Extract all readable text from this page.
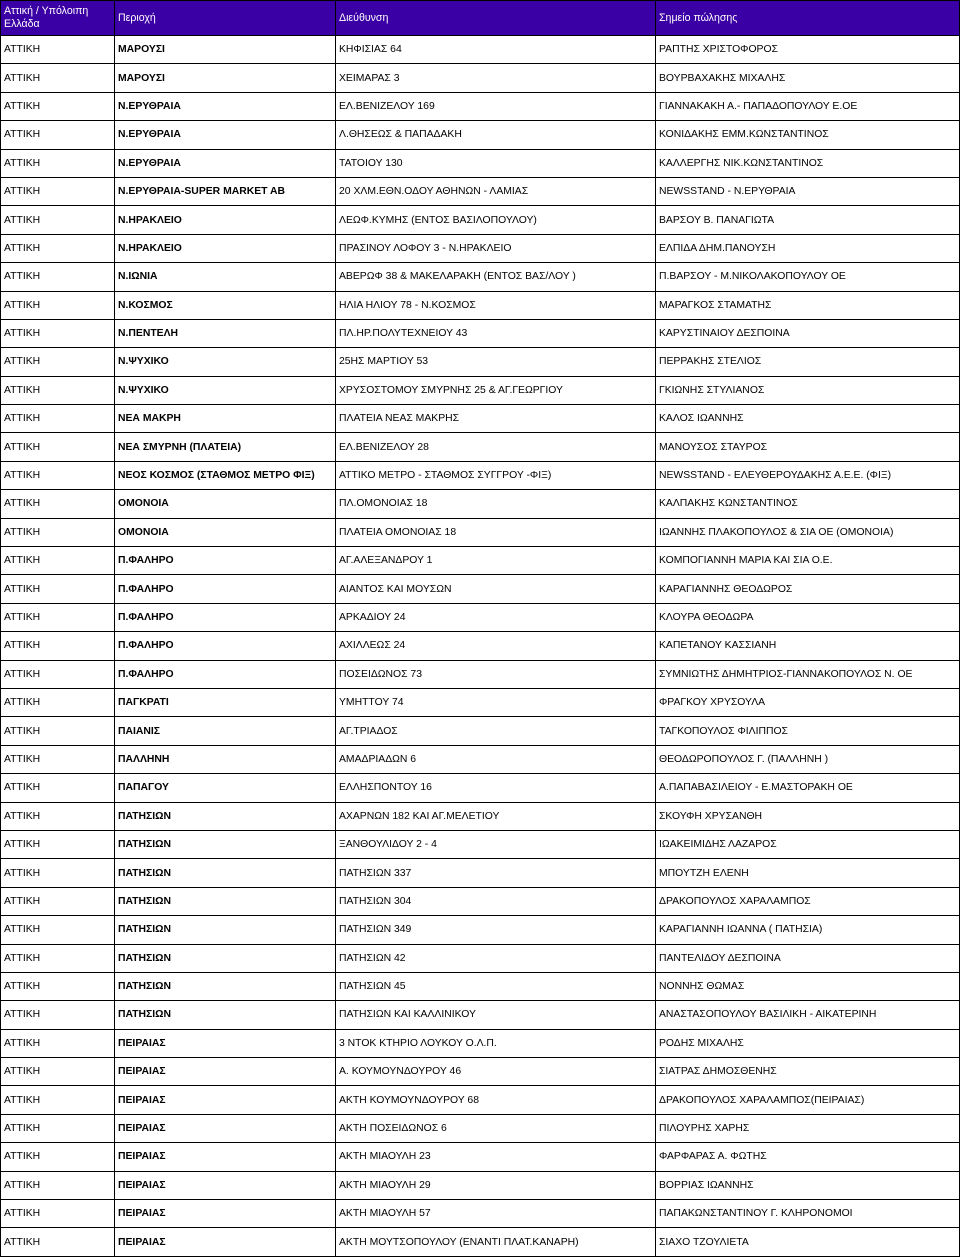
Αττική / Υπόλοιπη Ελλάδα	Περιοχή	Διεύθυνση	Σημείο πώλησης
ΑΤΤΙΚΗ	ΜΑΡΟΥΣΙ	ΚΗΦΙΣΙΑΣ 64	ΡΑΠΤΗΣ ΧΡΙΣΤΟΦΟΡΟΣ
ΑΤΤΙΚΗ	ΜΑΡΟΥΣΙ	ΧΕΙΜΑΡΑΣ 3	ΒΟΥΡΒΑΧΑΚΗΣ ΜΙΧΑΛΗΣ
ΑΤΤΙΚΗ	Ν.ΕΡΥΘΡΑΙΑ	ΕΛ.ΒΕΝΙΖΕΛΟΥ 169	ΓΙΑΝΝΑΚΑΚΗ Α.- ΠΑΠΑΔΟΠΟΥΛΟΥ Ε.ΟΕ
ΑΤΤΙΚΗ	Ν.ΕΡΥΘΡΑΙΑ	Λ.ΘΗΣΕΩΣ & ΠΑΠΑΔΑΚΗ	ΚΟΝΙΔΑΚΗΣ ΕΜΜ.ΚΩΝΣΤΑΝΤΙΝΟΣ
ΑΤΤΙΚΗ	Ν.ΕΡΥΘΡΑΙΑ	ΤΑΤΟΙΟΥ 130	ΚΑΛΛΕΡΓΗΣ ΝΙΚ.ΚΩΝΣΤΑΝΤΙΝΟΣ
ΑΤΤΙΚΗ	Ν.ΕΡΥΘΡΑΙΑ-SUPER MARKET AB	20 ΧΛΜ.ΕΘΝ.ΟΔΟΥ ΑΘΗΝΩΝ - ΛΑΜΙΑΣ	NEWSSTAND - Ν.ΕΡΥΘΡΑΙΑ
ΑΤΤΙΚΗ	Ν.ΗΡΑΚΛΕΙΟ	ΛΕΩΦ.ΚΥΜΗΣ (ΕΝΤΟΣ ΒΑΣΙΛΟΠΟΥΛΟΥ)	ΒΑΡΣΟΥ Β. ΠΑΝΑΓΙΩΤΑ
ΑΤΤΙΚΗ	Ν.ΗΡΑΚΛΕΙΟ	ΠΡΑΣΙΝΟΥ ΛΟΦΟΥ 3 - Ν.ΗΡΑΚΛΕΙΟ	ΕΛΠΙΔΑ ΔΗΜ.ΠΑΝΟΥΣΗ
ΑΤΤΙΚΗ	Ν.ΙΩΝΙΑ	ΑΒΕΡΩΦ 38 & ΜΑΚΕΛΑΡΑΚΗ (ΕΝΤΟΣ ΒΑΣ/ΛΟΥ )	Π.ΒΑΡΣΟΥ - Μ.ΝΙΚΟΛΑΚΟΠΟΥΛΟΥ ΟΕ
ΑΤΤΙΚΗ	Ν.ΚΟΣΜΟΣ	ΗΛΙΑ ΗΛΙΟΥ 78 - Ν.ΚΟΣΜΟΣ	ΜΑΡΑΓΚΟΣ ΣΤΑΜΑΤΗΣ
ΑΤΤΙΚΗ	Ν.ΠΕΝΤΕΛΗ	ΠΛ.ΗΡ.ΠΟΛΥΤΕΧΝΕΙΟΥ 43	ΚΑΡΥΣΤΙΝΑΙΟΥ ΔΕΣΠΟΙΝΑ
ΑΤΤΙΚΗ	Ν.ΨΥΧΙΚΟ	25ΗΣ ΜΑΡΤΙΟΥ 53	ΠΕΡΡΑΚΗΣ ΣΤΕΛΙΟΣ
ΑΤΤΙΚΗ	Ν.ΨΥΧΙΚΟ	ΧΡΥΣΟΣΤΟΜΟΥ ΣΜΥΡΝΗΣ 25 & ΑΓ.ΓΕΩΡΓΙΟΥ	ΓΚΙΩΝΗΣ ΣΤΥΛΙΑΝΟΣ
ΑΤΤΙΚΗ	ΝΕΑ ΜΑΚΡΗ	ΠΛΑΤΕΙΑ ΝΕΑΣ ΜΑΚΡΗΣ	ΚΑΛΟΣ ΙΩΑΝΝΗΣ
ΑΤΤΙΚΗ	ΝΕΑ ΣΜΥΡΝΗ (ΠΛΑΤΕΙΑ)	ΕΛ.ΒΕΝΙΖΕΛΟΥ 28	ΜΑΝΟΥΣΟΣ ΣΤΑΥΡΟΣ
ΑΤΤΙΚΗ	ΝΕΟΣ ΚΟΣΜΟΣ (ΣΤΑΘΜΟΣ ΜΕΤΡΟ ΦΙΞ)	ΑΤΤΙΚΟ ΜΕΤΡΟ - ΣΤΑΘΜΟΣ ΣΥΓΓΡΟΥ -ΦΙΞ)	NEWSSTAND - ΕΛΕΥΘΕΡΟΥΔΑΚΗΣ Α.Ε.Ε. (ΦΙΞ)
ΑΤΤΙΚΗ	ΟΜΟΝΟΙΑ	ΠΛ.ΟΜΟΝΟΙΑΣ 18	ΚΑΛΠΑΚΗΣ ΚΩΝΣΤΑΝΤΙΝΟΣ
ΑΤΤΙΚΗ	ΟΜΟΝΟΙΑ	ΠΛΑΤΕΙΑ ΟΜΟΝΟΙΑΣ 18	ΙΩΑΝΝΗΣ ΠΛΑΚΟΠΟΥΛΟΣ & ΣΙΑ ΟΕ (ΟΜΟΝΟΙΑ)
ΑΤΤΙΚΗ	Π.ΦΑΛΗΡΟ	ΑΓ.ΑΛΕΞΑΝΔΡΟΥ 1	ΚΟΜΠΟΓΙΑΝΝΗ ΜΑΡΙΑ ΚΑΙ ΣΙΑ Ο.Ε.
ΑΤΤΙΚΗ	Π.ΦΑΛΗΡΟ	ΑΙΑΝΤΟΣ ΚΑΙ ΜΟΥΣΩΝ	ΚΑΡΑΓΙΑΝΝΗΣ ΘΕΟΔΩΡΟΣ
ΑΤΤΙΚΗ	Π.ΦΑΛΗΡΟ	ΑΡΚΑΔΙΟΥ 24	ΚΛΟΥΡΑ ΘΕΟΔΩΡΑ
ΑΤΤΙΚΗ	Π.ΦΑΛΗΡΟ	ΑΧΙΛΛΕΩΣ 24	ΚΑΠΕΤΑΝΟΥ ΚΑΣΣΙΑΝΗ
ΑΤΤΙΚΗ	Π.ΦΑΛΗΡΟ	ΠΟΣΕΙΔΩΝΟΣ 73	ΣΥΜΝΙΩΤΗΣ ΔΗΜΗΤΡΙΟΣ-ΓΙΑΝΝΑΚΟΠΟΥΛΟΣ Ν. ΟΕ
ΑΤΤΙΚΗ	ΠΑΓΚΡΑΤΙ	ΥΜΗΤΤΟΥ 74	ΦΡΑΓΚΟΥ ΧΡΥΣΟΥΛΑ
ΑΤΤΙΚΗ	ΠΑΙΑΝΙΣ	ΑΓ.ΤΡΙΑΔΟΣ	ΤΑΓΚΟΠΟΥΛΟΣ ΦΙΛΙΠΠΟΣ
ΑΤΤΙΚΗ	ΠΑΛΛΗΝΗ	ΑΜΑΔΡΙΑΔΩΝ 6	ΘΕΟΔΩΡΟΠΟΥΛΟΣ Γ. (ΠΑΛΛΗΝΗ )
ΑΤΤΙΚΗ	ΠΑΠΑΓΟΥ	ΕΛΛΗΣΠΟΝΤΟΥ 16	Α.ΠΑΠΑΒΑΣΙΛΕΙΟΥ - Ε.ΜΑΣΤΟΡΑΚΗ ΟΕ
ΑΤΤΙΚΗ	ΠΑΤΗΣΙΩΝ	ΑΧΑΡΝΩΝ 182 ΚΑΙ ΑΓ.ΜΕΛΕΤΙΟΥ	ΣΚΟΥΦΗ ΧΡΥΣΑΝΘΗ
ΑΤΤΙΚΗ	ΠΑΤΗΣΙΩΝ	ΞΑΝΘΟΥΛΙΔΟΥ 2 - 4	ΙΩΑΚΕΙΜΙΔΗΣ ΛΑΖΑΡΟΣ
ΑΤΤΙΚΗ	ΠΑΤΗΣΙΩΝ	ΠΑΤΗΣΙΩΝ 337	ΜΠΟΥΤΖΗ ΕΛΕΝΗ
ΑΤΤΙΚΗ	ΠΑΤΗΣΙΩΝ	ΠΑΤΗΣΙΩΝ 304	ΔΡΑΚΟΠΟΥΛΟΣ ΧΑΡΑΛΑΜΠΟΣ
ΑΤΤΙΚΗ	ΠΑΤΗΣΙΩΝ	ΠΑΤΗΣΙΩΝ 349	ΚΑΡΑΓΙΑΝΝΗ ΙΩΑΝΝΑ ( ΠΑΤΗΣΙΑ)
ΑΤΤΙΚΗ	ΠΑΤΗΣΙΩΝ	ΠΑΤΗΣΙΩΝ 42	ΠΑΝΤΕΛΙΔΟΥ ΔΕΣΠΟΙΝΑ
ΑΤΤΙΚΗ	ΠΑΤΗΣΙΩΝ	ΠΑΤΗΣΙΩΝ 45	ΝΟΝΝΗΣ ΘΩΜΑΣ
ΑΤΤΙΚΗ	ΠΑΤΗΣΙΩΝ	ΠΑΤΗΣΙΩΝ ΚΑΙ ΚΑΛΛΙΝΙΚΟΥ	ΑΝΑΣΤΑΣΟΠΟΥΛΟΥ ΒΑΣΙΛΙΚΗ - ΑΙΚΑΤΕΡΙΝΗ
ΑΤΤΙΚΗ	ΠΕΙΡΑΙΑΣ	3 ΝΤΟΚ ΚΤΗΡΙΟ ΛΟΥΚΟΥ Ο.Λ.Π.	ΡΟΔΗΣ ΜΙΧΑΛΗΣ
ΑΤΤΙΚΗ	ΠΕΙΡΑΙΑΣ	Α. ΚΟΥΜΟΥΝΔΟΥΡΟΥ 46	ΣΙΑΤΡΑΣ ΔΗΜΟΣΘΕΝΗΣ
ΑΤΤΙΚΗ	ΠΕΙΡΑΙΑΣ	ΑΚΤΗ ΚΟΥΜΟΥΝΔΟΥΡΟΥ 68	ΔΡΑΚΟΠΟΥΛΟΣ ΧΑΡΑΛΑΜΠΟΣ(ΠΕΙΡΑΙΑΣ)
ΑΤΤΙΚΗ	ΠΕΙΡΑΙΑΣ	ΑΚΤΗ ΠΟΣΕΙΔΩΝΟΣ 6	ΠΙΛΟΥΡΗΣ ΧΑΡΗΣ
ΑΤΤΙΚΗ	ΠΕΙΡΑΙΑΣ	ΑΚΤΗ ΜΙΑΟΥΛΗ 23	ΦΑΡΦΑΡΑΣ Α. ΦΩΤΗΣ
ΑΤΤΙΚΗ	ΠΕΙΡΑΙΑΣ	ΑΚΤΗ ΜΙΑΟΥΛΗ 29	ΒΟΡΡΙΑΣ ΙΩΑΝΝΗΣ
ΑΤΤΙΚΗ	ΠΕΙΡΑΙΑΣ	ΑΚΤΗ ΜΙΑΟΥΛΗ 57	ΠΑΠΑΚΩΝΣΤΑΝΤΙΝΟΥ Γ. ΚΛΗΡΟΝΟΜΟΙ
ΑΤΤΙΚΗ	ΠΕΙΡΑΙΑΣ	ΑΚΤΗ ΜΟΥΤΣΟΠΟΥΛΟΥ (ΕΝΑΝΤΙ ΠΛΑΤ.ΚΑΝΑΡΗ)	ΣΙΑΧΟ ΤΖΟΥΛΙΕΤΑ
